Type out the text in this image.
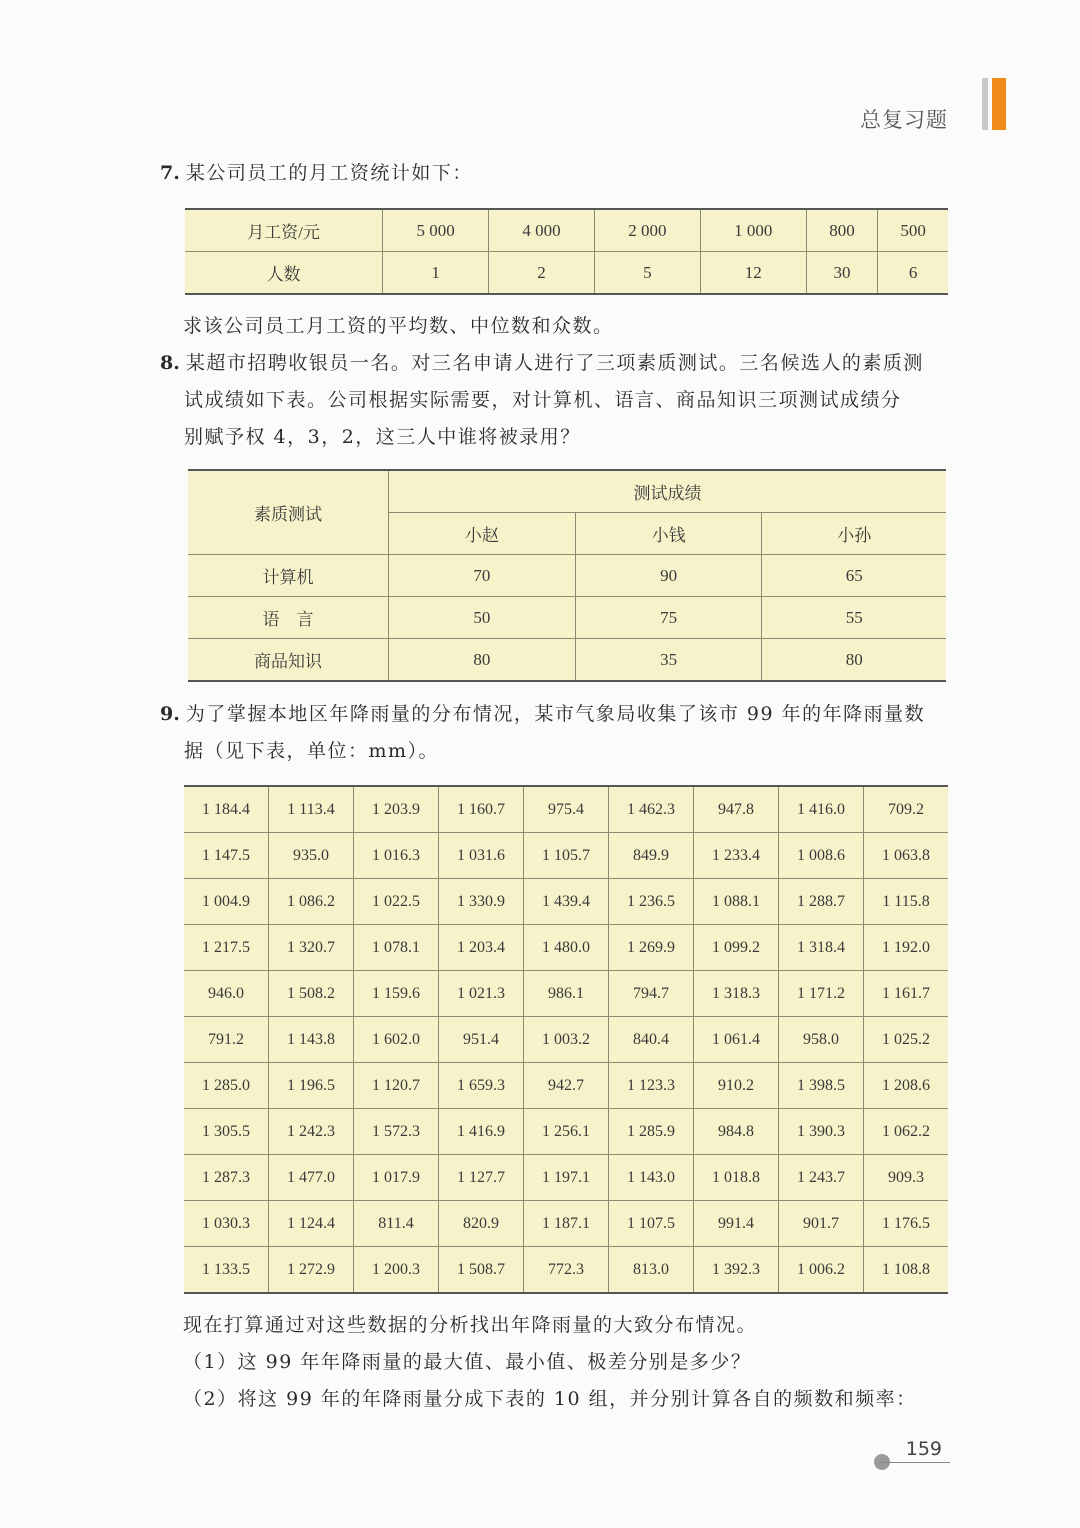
总复习题
7. 某公司员工的月工资统计如下：
月工资/元	5 000	4 000	2 000	1 000	800	500
人数	1	2	5	12	30	6
求该公司员工月工资的平均数、中位数和众数。
8. 某超市招聘收银员一名。对三名申请人进行了三项素质测试。三名候选人的素质测
试成绩如下表。公司根据实际需要，对计算机、语言、商品知识三项测试成绩分
别赋予权 4，3，2，这三人中谁将被录用？
素质测试	测试成绩		
	小赵	小钱	小孙
计算机	70	90	65
语　言	50	75	55
商品知识	80	35	80
9. 为了掌握本地区年降雨量的分布情况，某市气象局收集了该市 99 年的年降雨量数
据（见下表，单位：mm）。
1 184.4	1 113.4	1 203.9	1 160.7	975.4	1 462.3	947.8	1 416.0	709.2
1 147.5	935.0	1 016.3	1 031.6	1 105.7	849.9	1 233.4	1 008.6	1 063.8
1 004.9	1 086.2	1 022.5	1 330.9	1 439.4	1 236.5	1 088.1	1 288.7	1 115.8
1 217.5	1 320.7	1 078.1	1 203.4	1 480.0	1 269.9	1 099.2	1 318.4	1 192.0
946.0	1 508.2	1 159.6	1 021.3	986.1	794.7	1 318.3	1 171.2	1 161.7
791.2	1 143.8	1 602.0	951.4	1 003.2	840.4	1 061.4	958.0	1 025.2
1 285.0	1 196.5	1 120.7	1 659.3	942.7	1 123.3	910.2	1 398.5	1 208.6
1 305.5	1 242.3	1 572.3	1 416.9	1 256.1	1 285.9	984.8	1 390.3	1 062.2
1 287.3	1 477.0	1 017.9	1 127.7	1 197.1	1 143.0	1 018.8	1 243.7	909.3
1 030.3	1 124.4	811.4	820.9	1 187.1	1 107.5	991.4	901.7	1 176.5
1 133.5	1 272.9	1 200.3	1 508.7	772.3	813.0	1 392.3	1 006.2	1 108.8
现在打算通过对这些数据的分析找出年降雨量的大致分布情况。
（1）这 99 年年降雨量的最大值、最小值、极差分别是多少？
（2）将这 99 年的年降雨量分成下表的 10 组，并分别计算各自的频数和频率：
159
